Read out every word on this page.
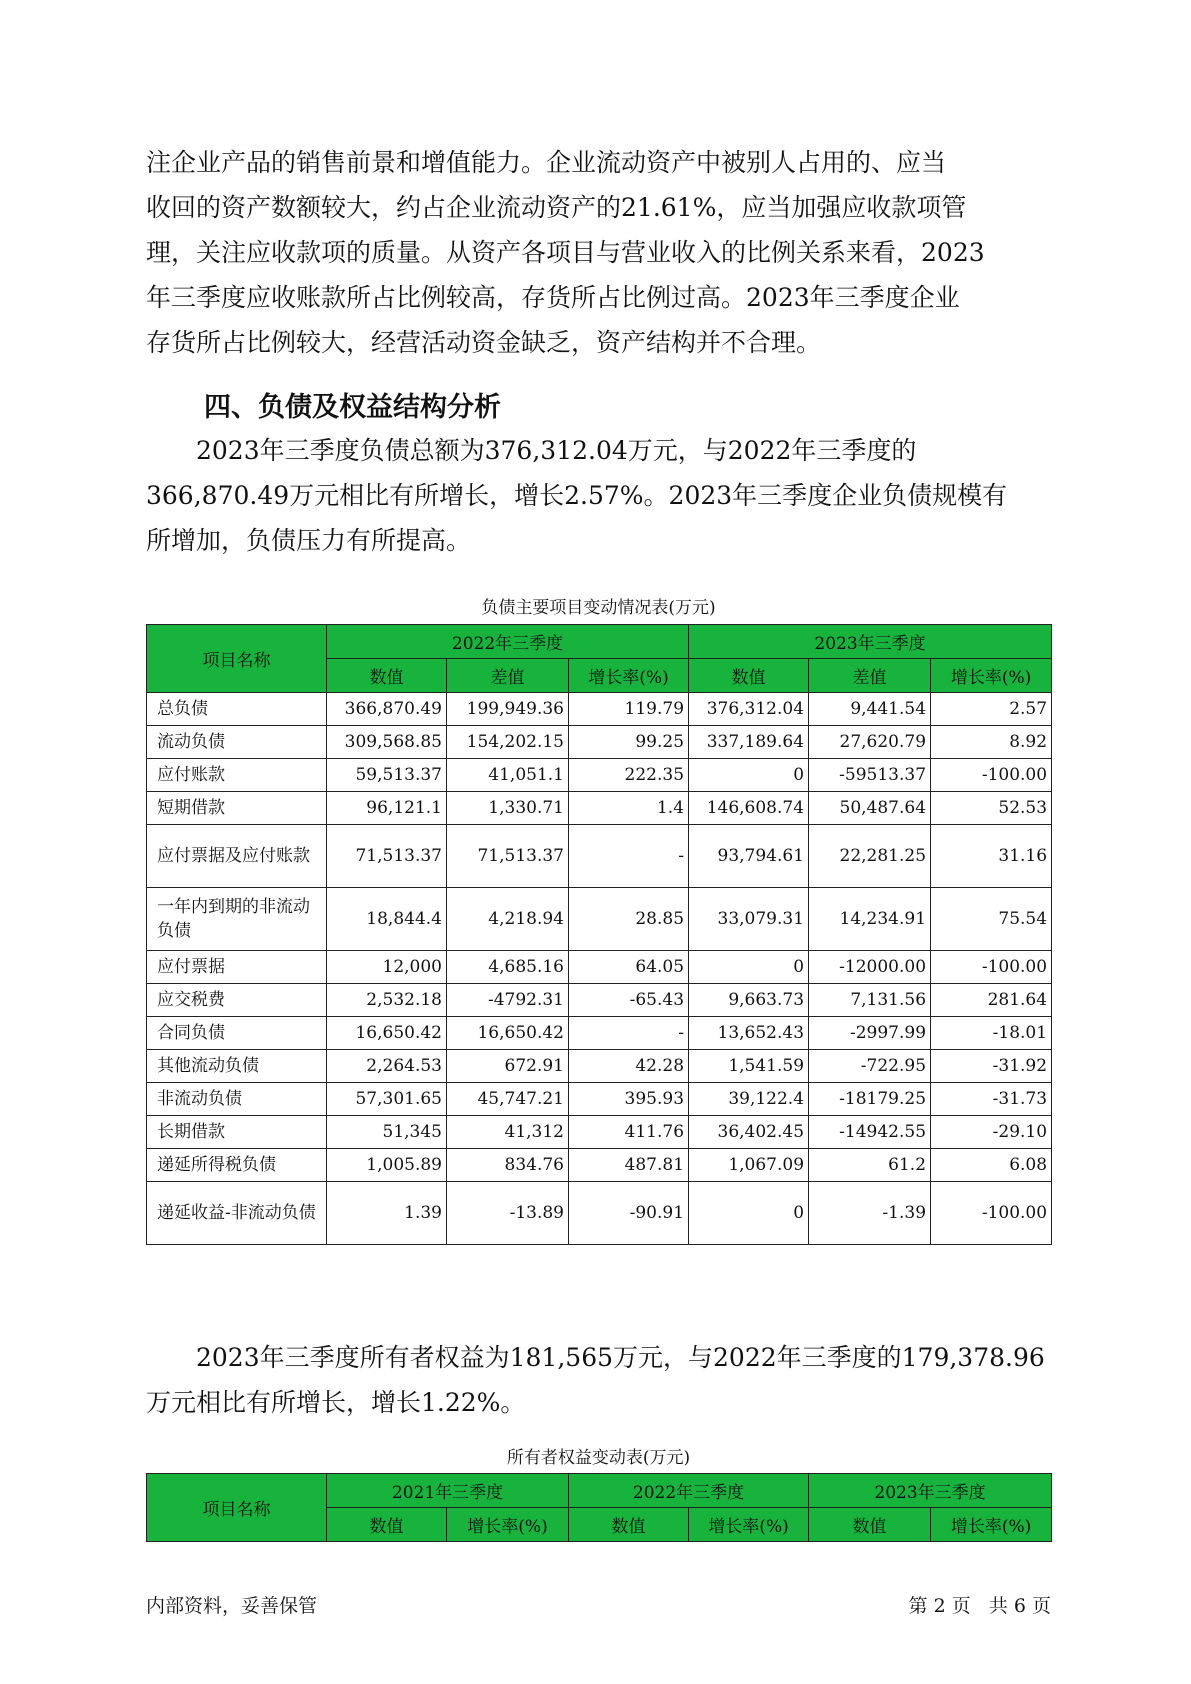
注企业产品的销售前景和增值能力。企业流动资产中被别人占用的、应当
收回的资产数额较大，约占企业流动资产的21.61%，应当加强应收款项管
理，关注应收款项的质量。从资产各项目与营业收入的比例关系来看，2023
年三季度应收账款所占比例较高，存货所占比例过高。2023年三季度企业
存货所占比例较大，经营活动资金缺乏，资产结构并不合理。
四、负债及权益结构分析
2023年三季度负债总额为376,312.04万元，与2022年三季度的
366,870.49万元相比有所增长，增长2.57%。2023年三季度企业负债规模有
所增加，负债压力有所提高。
负债主要项目变动情况表(万元)
项目名称	2022年三季度			2023年三季度		
	数值	差值	增长率(%)	数值	差值	增长率(%)
总负债	366,870.49	199,949.36	119.79	376,312.04	9,441.54	2.57
流动负债	309,568.85	154,202.15	99.25	337,189.64	27,620.79	8.92
应付账款	59,513.37	41,051.1	222.35	0	-59513.37	-100.00
短期借款	96,121.1	1,330.71	1.4	146,608.74	50,487.64	52.53
应付票据及应付账款	71,513.37	71,513.37	-	93,794.61	22,281.25	31.16
一年内到期的非流动负债	18,844.4	4,218.94	28.85	33,079.31	14,234.91	75.54
应付票据	12,000	4,685.16	64.05	0	-12000.00	-100.00
应交税费	2,532.18	-4792.31	-65.43	9,663.73	7,131.56	281.64
合同负债	16,650.42	16,650.42	-	13,652.43	-2997.99	-18.01
其他流动负债	2,264.53	672.91	42.28	1,541.59	-722.95	-31.92
非流动负债	57,301.65	45,747.21	395.93	39,122.4	-18179.25	-31.73
长期借款	51,345	41,312	411.76	36,402.45	-14942.55	-29.10
递延所得税负债	1,005.89	834.76	487.81	1,067.09	61.2	6.08
递延收益-非流动负债	1.39	-13.89	-90.91	0	-1.39	-100.00
2023年三季度所有者权益为181,565万元，与2022年三季度的179,378.96
万元相比有所增长，增长1.22%。
所有者权益变动表(万元)
项目名称	2021年三季度		2022年三季度		2023年三季度	
	数值	增长率(%)	数值	增长率(%)	数值	增长率(%)
内部资料，妥善保管	第 2 页   共 6 页
